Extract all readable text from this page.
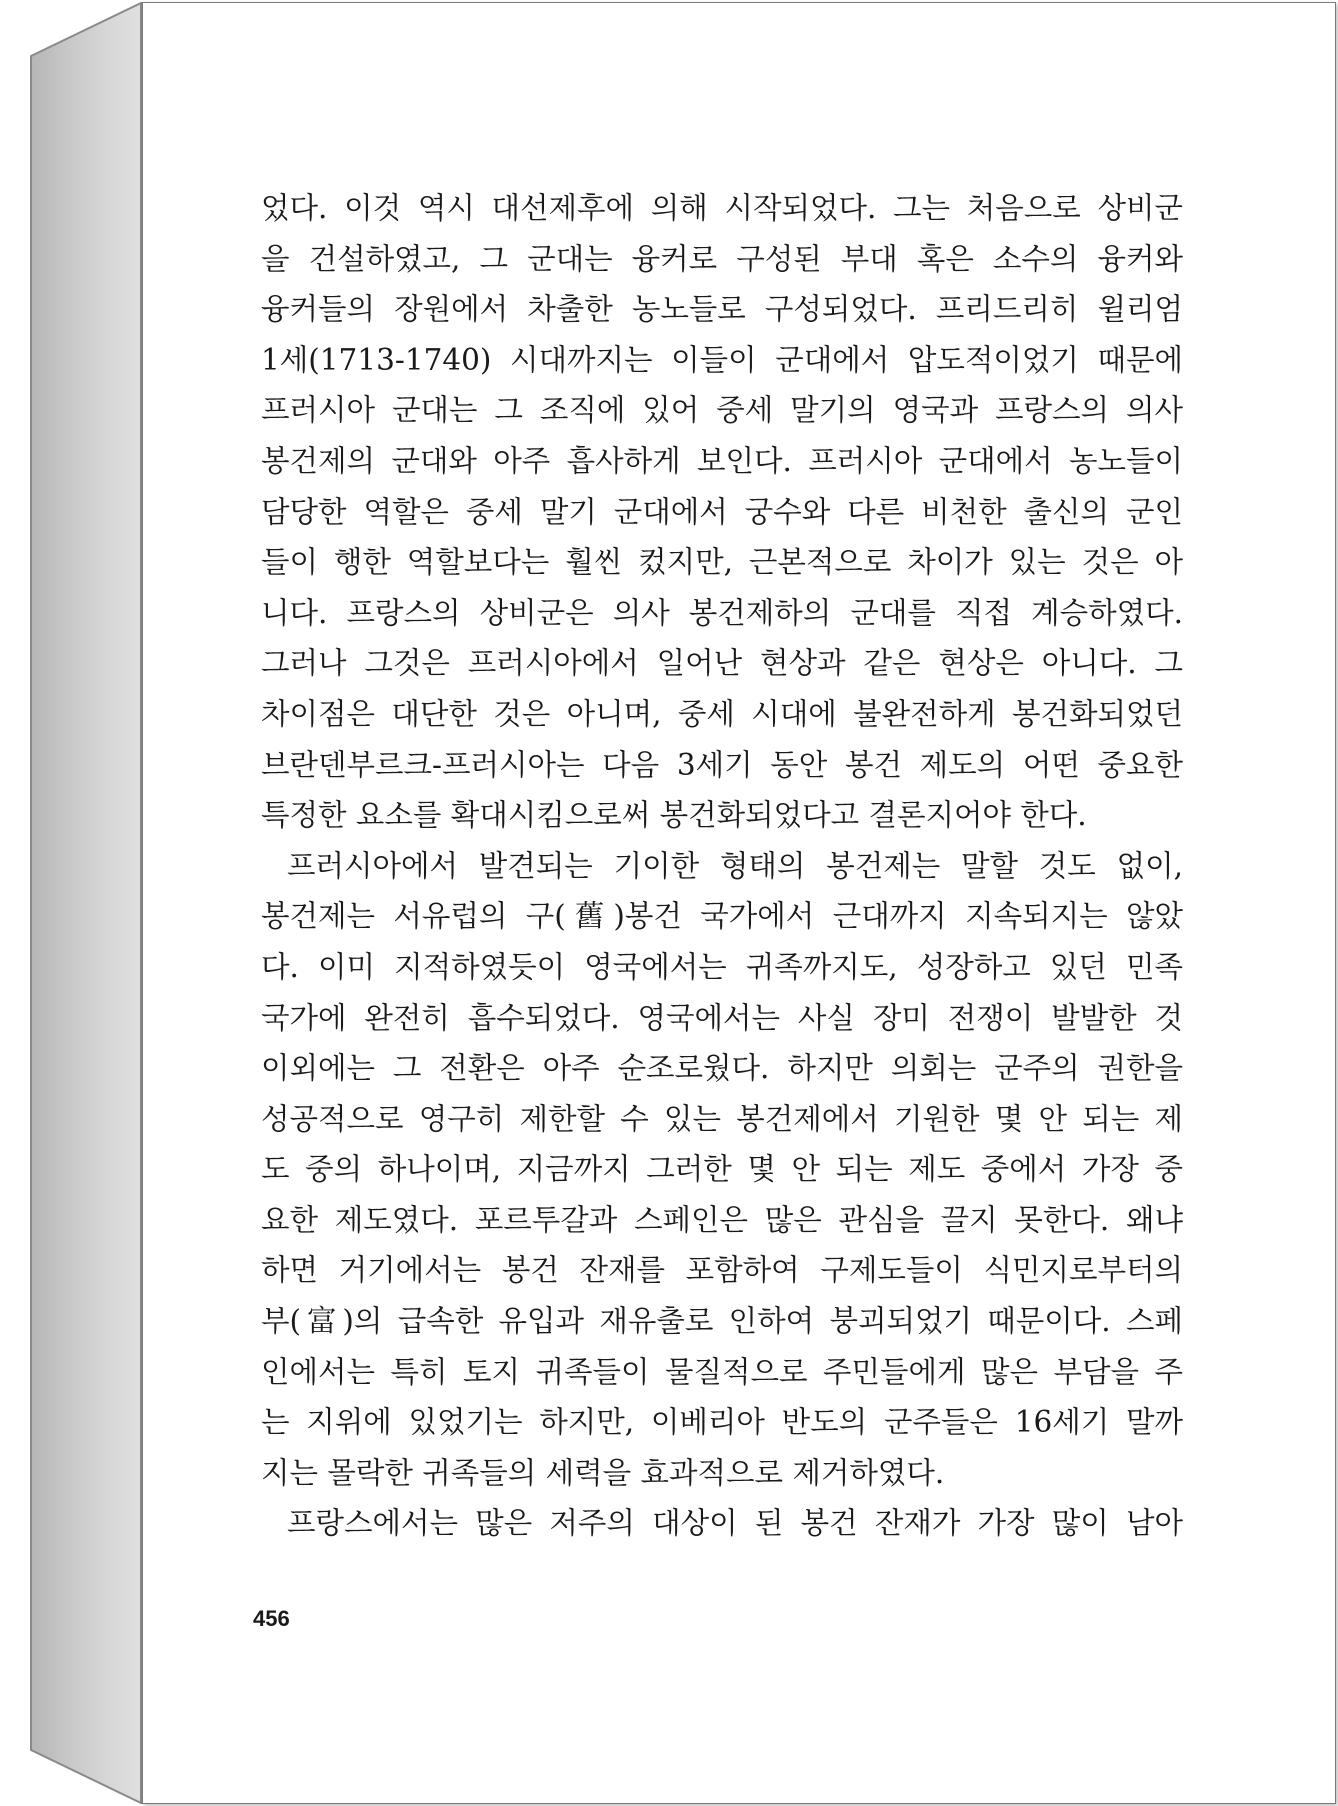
었다. 이것 역시 대선제후에 의해 시작되었다. 그는 처음으로 상비군
을 건설하였고, 그 군대는 융커로 구성된 부대 혹은 소수의 융커와
융커들의 장원에서 차출한 농노들로 구성되었다. 프리드리히 윌리엄
1세(1713-1740) 시대까지는 이들이 군대에서 압도적이었기 때문에
프러시아 군대는 그 조직에 있어 중세 말기의 영국과 프랑스의 의사
봉건제의 군대와 아주 흡사하게 보인다. 프러시아 군대에서 농노들이
담당한 역할은 중세 말기 군대에서 궁수와 다른 비천한 출신의 군인
들이 행한 역할보다는 훨씬 컸지만, 근본적으로 차이가 있는 것은 아
니다. 프랑스의 상비군은 의사 봉건제하의 군대를 직접 계승하였다.
그러나 그것은 프러시아에서 일어난 현상과 같은 현상은 아니다. 그
차이점은 대단한 것은 아니며, 중세 시대에 불완전하게 봉건화되었던
브란덴부르크-프러시아는 다음 3세기 동안 봉건 제도의 어떤 중요한
특정한 요소를 확대시킴으로써 봉건화되었다고 결론지어야 한다.
프러시아에서 발견되는 기이한 형태의 봉건제는 말할 것도 없이,
봉건제는 서유럽의 구(舊)봉건 국가에서 근대까지 지속되지는 않았
다. 이미 지적하였듯이 영국에서는 귀족까지도, 성장하고 있던 민족
국가에 완전히 흡수되었다. 영국에서는 사실 장미 전쟁이 발발한 것
이외에는 그 전환은 아주 순조로웠다. 하지만 의회는 군주의 권한을
성공적으로 영구히 제한할 수 있는 봉건제에서 기원한 몇 안 되는 제
도 중의 하나이며, 지금까지 그러한 몇 안 되는 제도 중에서 가장 중
요한 제도였다. 포르투갈과 스페인은 많은 관심을 끌지 못한다. 왜냐
하면 거기에서는 봉건 잔재를 포함하여 구제도들이 식민지로부터의
부(富)의 급속한 유입과 재유출로 인하여 붕괴되었기 때문이다. 스페
인에서는 특히 토지 귀족들이 물질적으로 주민들에게 많은 부담을 주
는 지위에 있었기는 하지만, 이베리아 반도의 군주들은 16세기 말까
지는 몰락한 귀족들의 세력을 효과적으로 제거하였다.
프랑스에서는 많은 저주의 대상이 된 봉건 잔재가 가장 많이 남아
456
